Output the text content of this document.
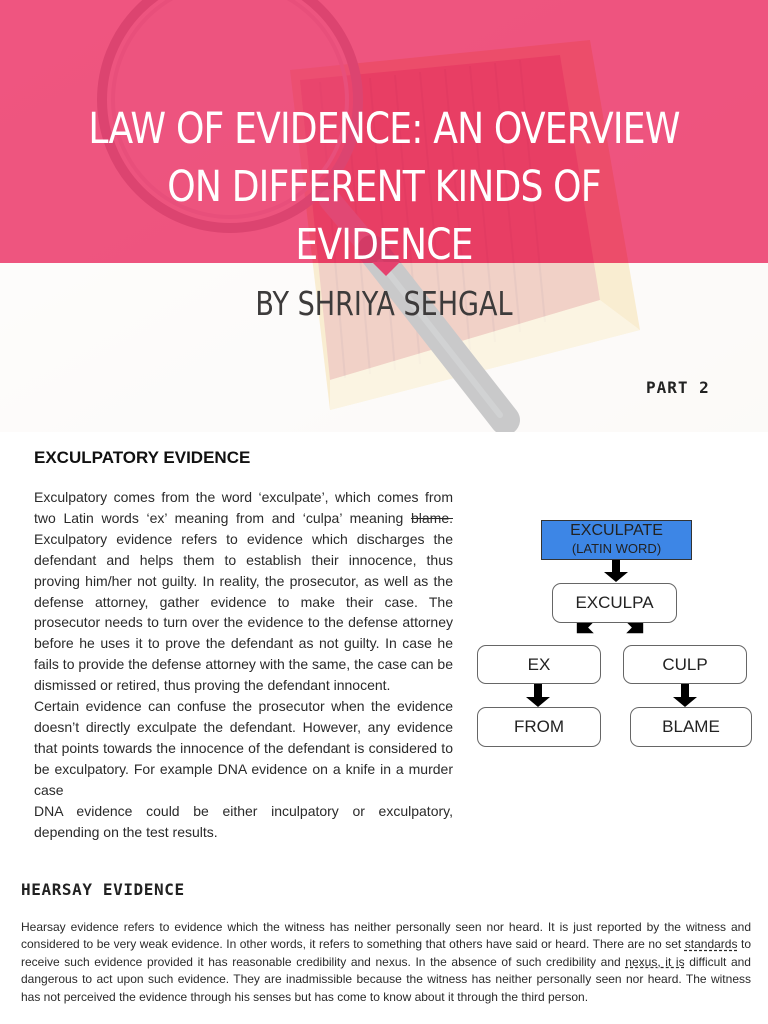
LAW OF EVIDENCE: AN OVERVIEW
ON DIFFERENT KINDS OF EVIDENCE
BY SHRIYA SEHGAL
PART 2
EXCULPATORY EVIDENCE

Exculpatory comes from the word ‘exculpate’, which comes from two Latin words ‘ex’ meaning from and ‘culpa’ meaning blame. Exculpatory evidence refers to evidence which discharges the defendant and helps them to establish their innocence, thus proving him/her not guilty. In reality, the prosecutor, as well as the defense attorney, gather evidence to make their case. The prosecutor needs to turn over the evidence to the defense attorney before he uses it to prove the defendant as not guilty. In case he fails to provide the defense attorney with the same, the case can be dismissed or retired, thus proving the defendant innocent.

Certain evidence can confuse the prosecutor when the evidence doesn’t directly exculpate the defendant. However, any evidence that points towards the innocence of the defendant is considered to be exculpatory. For example DNA evidence on a knife in a murder case

DNA evidence could be either inculpatory or exculpatory, depending on the test results.

EXCULPATE
(LATIN WORD)
EXCULPA
EX	CULP
FROM	BLAME
HEARSAY EVIDENCE

Hearsay evidence refers to evidence which the witness has neither personally seen nor heard. It is just reported by the witness and considered to be very weak evidence. In other words, it refers to something that others have said or heard. There are no set standards to receive such evidence provided it has reasonable credibility and nexus. In the absence of such credibility and nexus, it is difficult and dangerous to act upon such evidence. They are inadmissible because the witness has neither personally seen nor heard. The witness has not perceived the evidence through his senses but has come to know about it through the third person.
